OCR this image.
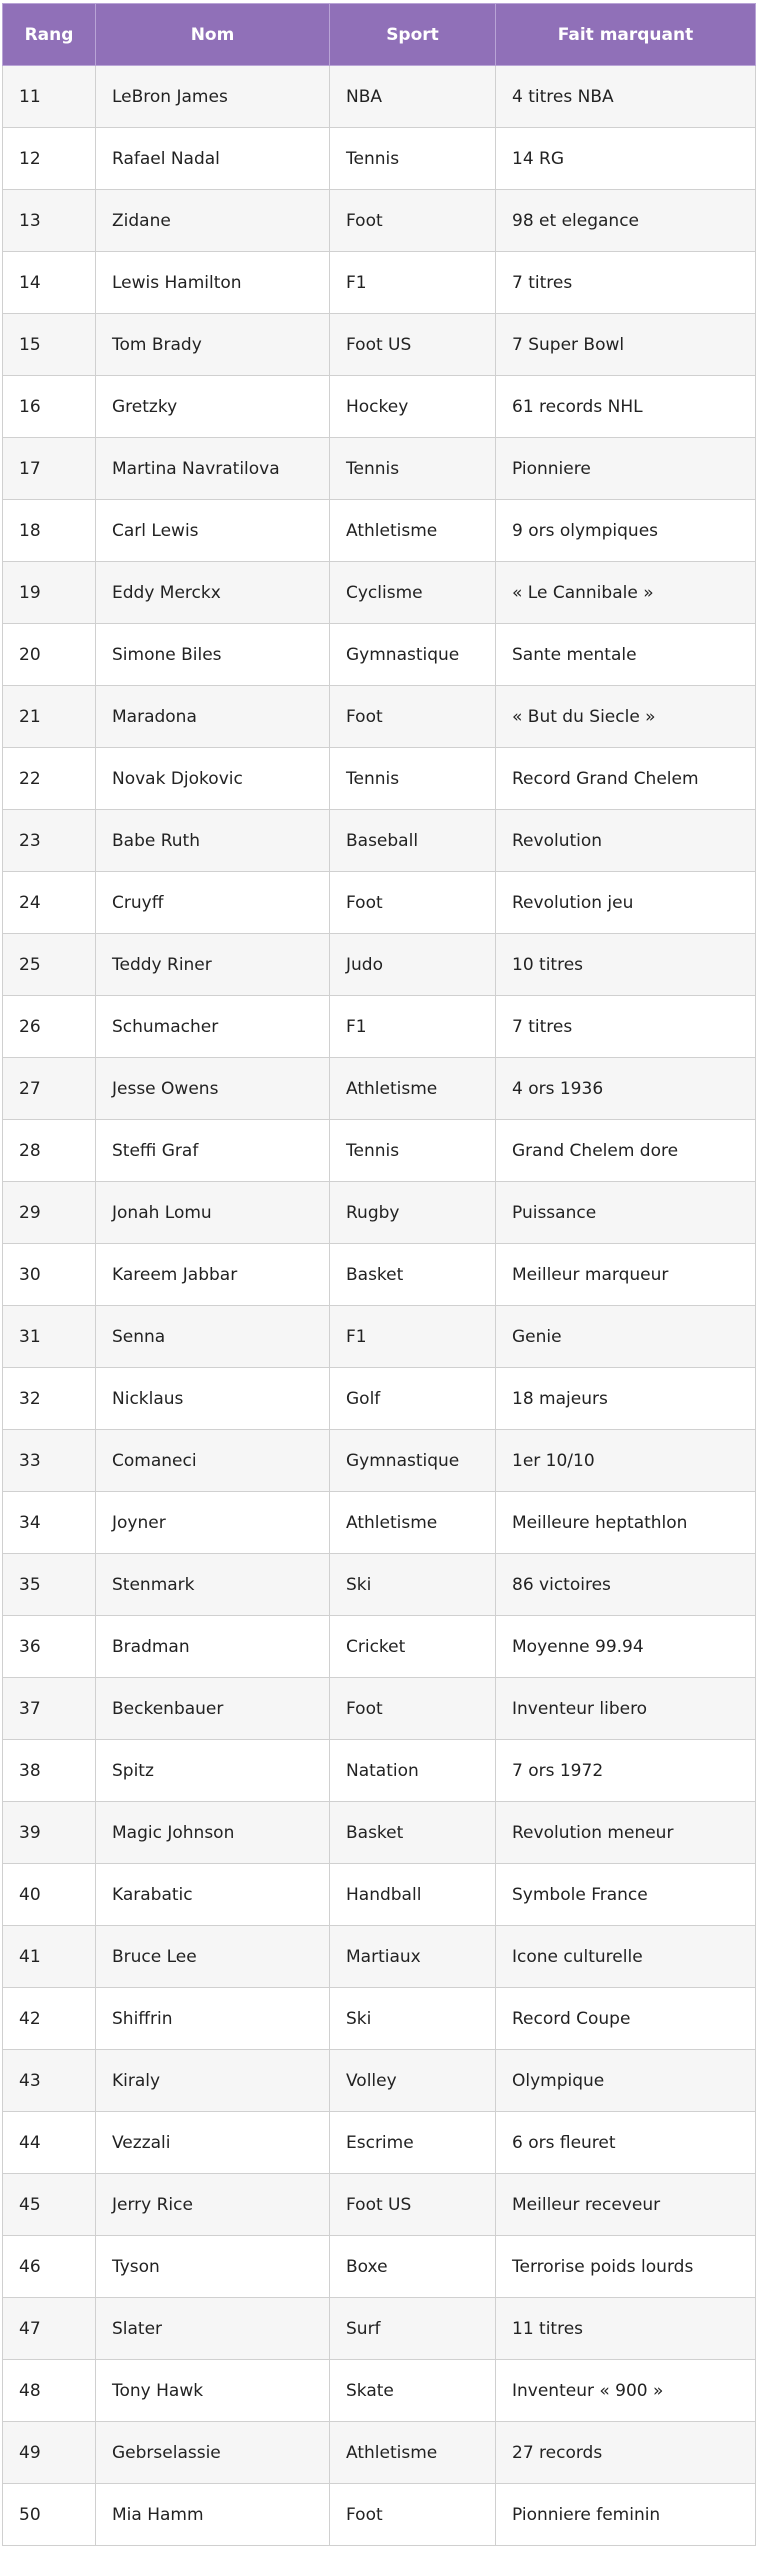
Rang	Nom	Sport	Fait marquant
11	LeBron James	NBA	4 titres NBA
12	Rafael Nadal	Tennis	14 RG
13	Zidane	Foot	98 et elegance
14	Lewis Hamilton	F1	7 titres
15	Tom Brady	Foot US	7 Super Bowl
16	Gretzky	Hockey	61 records NHL
17	Martina Navratilova	Tennis	Pionniere
18	Carl Lewis	Athletisme	9 ors olympiques
19	Eddy Merckx	Cyclisme	« Le Cannibale »
20	Simone Biles	Gymnastique	Sante mentale
21	Maradona	Foot	« But du Siecle »
22	Novak Djokovic	Tennis	Record Grand Chelem
23	Babe Ruth	Baseball	Revolution
24	Cruyff	Foot	Revolution jeu
25	Teddy Riner	Judo	10 titres
26	Schumacher	F1	7 titres
27	Jesse Owens	Athletisme	4 ors 1936
28	Steffi Graf	Tennis	Grand Chelem dore
29	Jonah Lomu	Rugby	Puissance
30	Kareem Jabbar	Basket	Meilleur marqueur
31	Senna	F1	Genie
32	Nicklaus	Golf	18 majeurs
33	Comaneci	Gymnastique	1er 10/10
34	Joyner	Athletisme	Meilleure heptathlon
35	Stenmark	Ski	86 victoires
36	Bradman	Cricket	Moyenne 99.94
37	Beckenbauer	Foot	Inventeur libero
38	Spitz	Natation	7 ors 1972
39	Magic Johnson	Basket	Revolution meneur
40	Karabatic	Handball	Symbole France
41	Bruce Lee	Martiaux	Icone culturelle
42	Shiffrin	Ski	Record Coupe
43	Kiraly	Volley	Olympique
44	Vezzali	Escrime	6 ors fleuret
45	Jerry Rice	Foot US	Meilleur receveur
46	Tyson	Boxe	Terrorise poids lourds
47	Slater	Surf	11 titres
48	Tony Hawk	Skate	Inventeur « 900 »
49	Gebrselassie	Athletisme	27 records
50	Mia Hamm	Foot	Pionniere feminin
